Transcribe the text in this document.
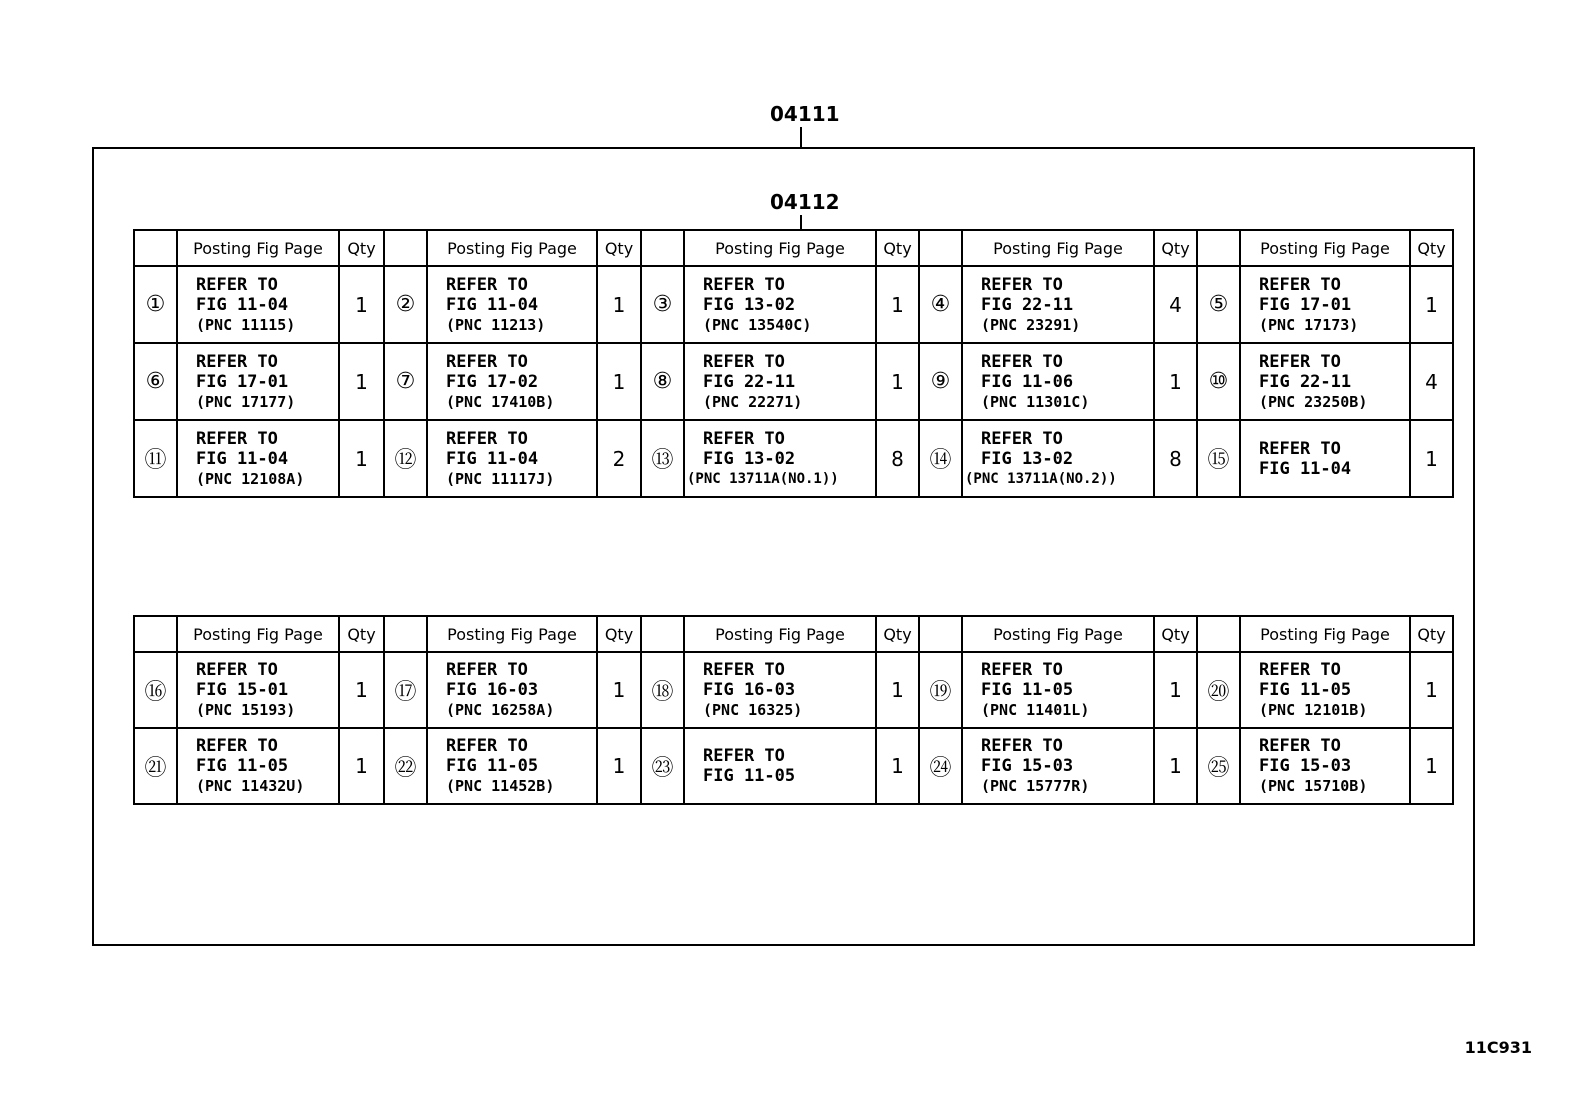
04111
04112
	Posting Fig Page	Qty		Posting Fig Page	Qty		Posting Fig Page	Qty		Posting Fig Page	Qty		Posting Fig Page	Qty
①	REFER TO
FIG 11-04
(PNC 11115)	1	②	REFER TO
FIG 11-04
(PNC 11213)	1	③	REFER TO
FIG 13-02
(PNC 13540C)	1	④	REFER TO
FIG 22-11
(PNC 23291)	4	⑤	REFER TO
FIG 17-01
(PNC 17173)	1
⑥	REFER TO
FIG 17-01
(PNC 17177)	1	⑦	REFER TO
FIG 17-02
(PNC 17410B)	1	⑧	REFER TO
FIG 22-11
(PNC 22271)	1	⑨	REFER TO
FIG 11-06
(PNC 11301C)	1	⑩	REFER TO
FIG 22-11
(PNC 23250B)	4
⑪	REFER TO
FIG 11-04
(PNC 12108A)	1	⑫	REFER TO
FIG 11-04
(PNC 11117J)	2	⑬	REFER TO
FIG 13-02
(PNC 13711A(NO.1))	8	⑭	REFER TO
FIG 13-02
(PNC 13711A(NO.2))	8	⑮	REFER TO
FIG 11-04	1
	Posting Fig Page	Qty		Posting Fig Page	Qty		Posting Fig Page	Qty		Posting Fig Page	Qty		Posting Fig Page	Qty
⑯	REFER TO
FIG 15-01
(PNC 15193)	1	⑰	REFER TO
FIG 16-03
(PNC 16258A)	1	⑱	REFER TO
FIG 16-03
(PNC 16325)	1	⑲	REFER TO
FIG 11-05
(PNC 11401L)	1	⑳	REFER TO
FIG 11-05
(PNC 12101B)	1
㉑	REFER TO
FIG 11-05
(PNC 11432U)	1	㉒	REFER TO
FIG 11-05
(PNC 11452B)	1	㉓	REFER TO
FIG 11-05	1	㉔	REFER TO
FIG 15-03
(PNC 15777R)	1	㉕	REFER TO
FIG 15-03
(PNC 15710B)	1
11C931
